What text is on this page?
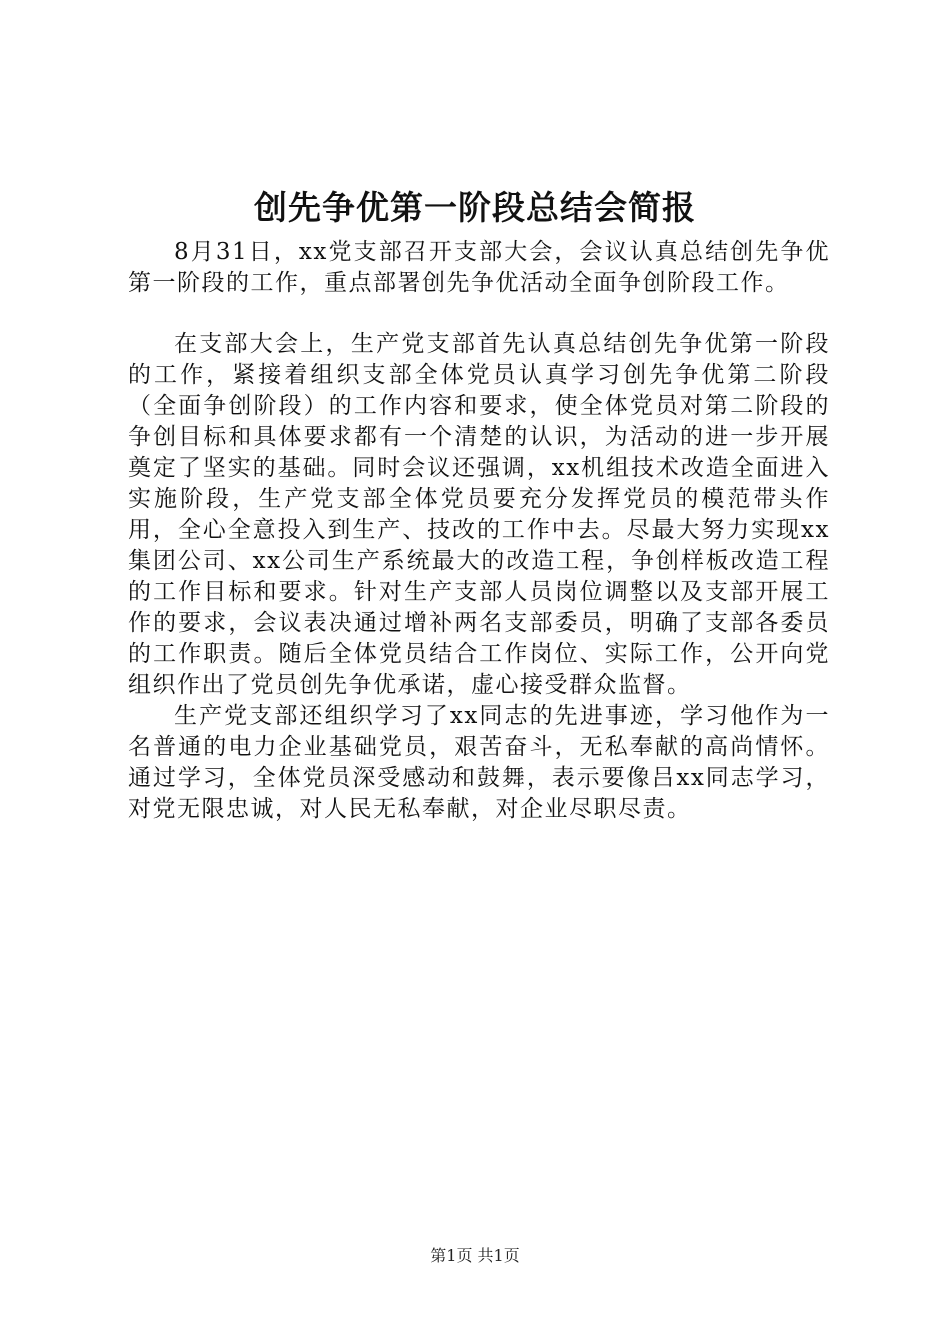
创先争优第一阶段总结会简报

8月31日，xx党支部召开支部大会，会议认真总结创先争优第一阶段的工作，重点部署创先争优活动全面争创阶段工作。

在支部大会上，生产党支部首先认真总结创先争优第一阶段的工作，紧接着组织支部全体党员认真学习创先争优第二阶段（全面争创阶段）的工作内容和要求，使全体党员对第二阶段的争创目标和具体要求都有一个清楚的认识，为活动的进一步开展奠定了坚实的基础。同时会议还强调，xx机组技术改造全面进入实施阶段，生产党支部全体党员要充分发挥党员的模范带头作用，全心全意投入到生产、技改的工作中去。尽最大努力实现xx集团公司、xx公司生产系统最大的改造工程，争创样板改造工程的工作目标和要求。针对生产支部人员岗位调整以及支部开展工作的要求，会议表决通过增补两名支部委员，明确了支部各委员的工作职责。随后全体党员结合工作岗位、实际工作，公开向党组织作出了党员创先争优承诺，虚心接受群众监督。

生产党支部还组织学习了xx同志的先进事迹，学习他作为一名普通的电力企业基础党员，艰苦奋斗，无私奉献的高尚情怀。通过学习，全体党员深受感动和鼓舞，表示要像吕xx同志学习，对党无限忠诚，对人民无私奉献，对企业尽职尽责。

第1页 共1页
